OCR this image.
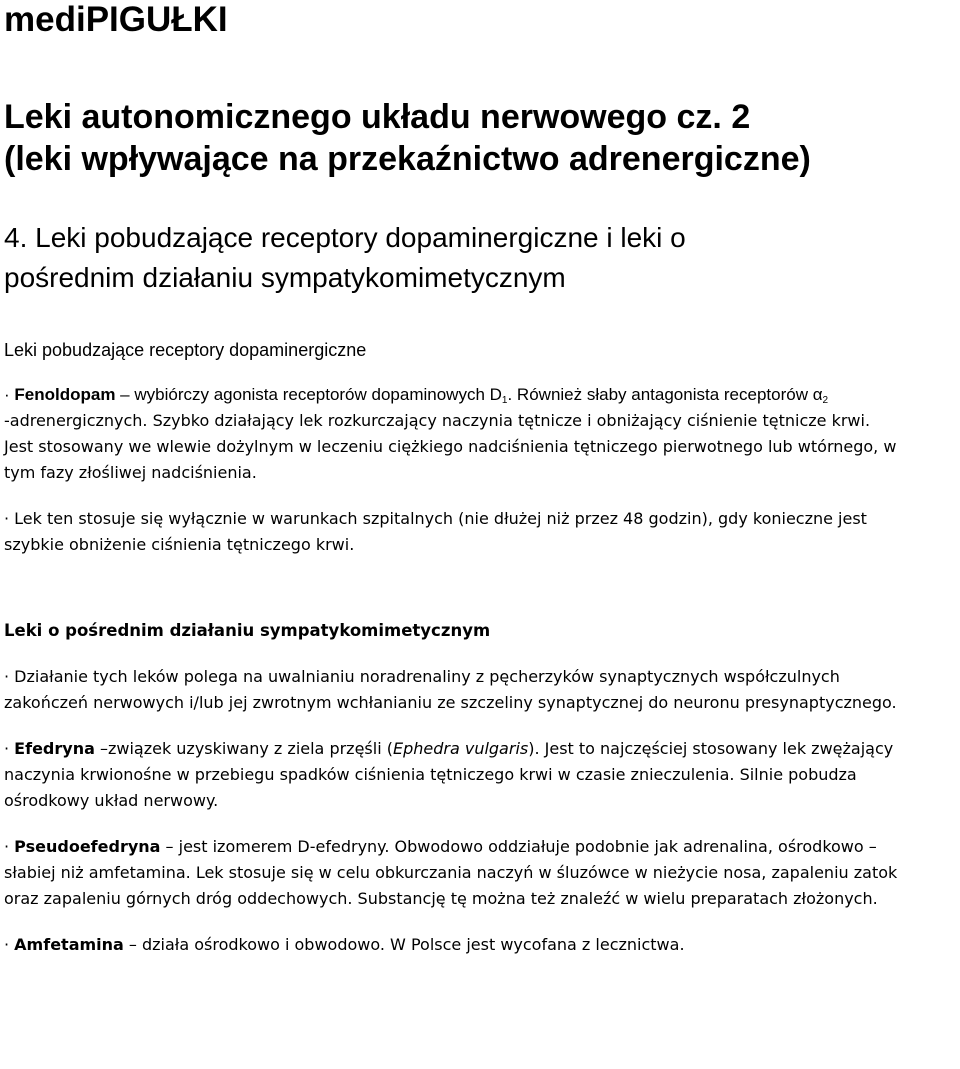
mediPIGUŁKI
Leki autonomicznego układu nerwowego cz. 2
(leki wpływające na przekaźnictwo adrenergiczne)
4. Leki pobudzające receptory dopaminergiczne i leki o
pośrednim działaniu sympatykomimetycznym
Leki pobudzające receptory dopaminergiczne
· Fenoldopam – wybiórczy agonista receptorów dopaminowych $D_1$. Również słaby antagonista receptorów $\alpha_2$
-adrenergicznych. Szybko działający lek rozkurczający naczynia tętnicze i obniżający ciśnienie tętnicze krwi.
Jest stosowany we wlewie dożylnym w leczeniu ciężkiego nadciśnienia tętniczego pierwotnego lub wtórnego, w
tym fazy złośliwej nadciśnienia.
· Lek ten stosuje się wyłącznie w warunkach szpitalnych (nie dłużej niż przez 48 godzin), gdy konieczne jest
szybkie obniżenie ciśnienia tętniczego krwi.
Leki o pośrednim działaniu sympatykomimetycznym
· Działanie tych leków polega na uwalnianiu noradrenaliny z pęcherzyków synaptycznych współczulnych
zakończeń nerwowych i/lub jej zwrotnym wchłanianiu ze szczeliny synaptycznej do neuronu presynaptycznego.
· Efedryna –związek uzyskiwany z ziela przęśli (Ephedra vulgaris). Jest to najczęściej stosowany lek zwężający
naczynia krwionośne w przebiegu spadków ciśnienia tętniczego krwi w czasie znieczulenia. Silnie pobudza
ośrodkowy układ nerwowy.
· Pseudoefedryna – jest izomerem D-efedryny. Obwodowo oddziałuje podobnie jak adrenalina, ośrodkowo –
słabiej niż amfetamina. Lek stosuje się w celu obkurczania naczyń w śluzówce w nieżycie nosa, zapaleniu zatok
oraz zapaleniu górnych dróg oddechowych. Substancję tę można też znaleźć w wielu preparatach złożonych.
· Amfetamina – działa ośrodkowo i obwodowo. W Polsce jest wycofana z lecznictwa.
